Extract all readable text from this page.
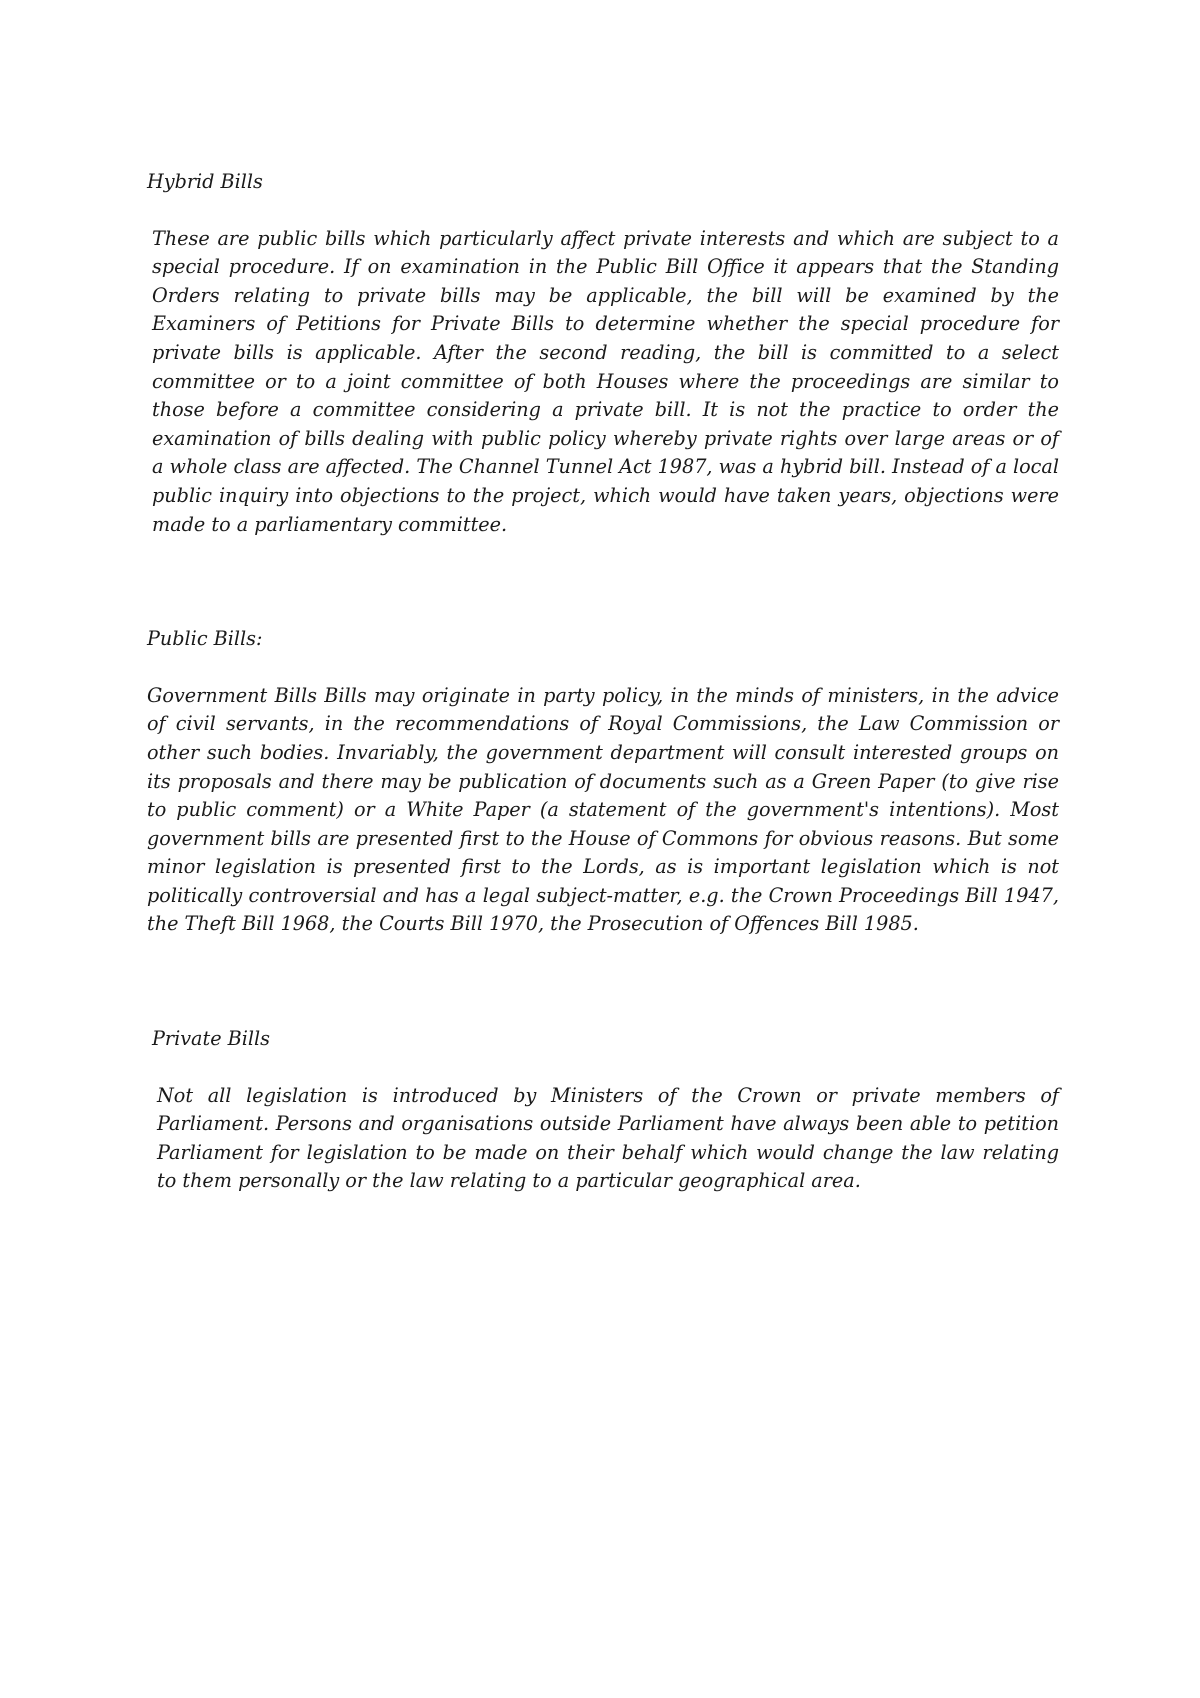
Hybrid Bills

These are public bills which particularly affect private interests and which are subject to a special procedure. If on examination in the Public Bill Office it appears that the Standing Orders relating to private bills may be applicable, the bill will be examined by the Examiners of Petitions for Private Bills to determine whether the special procedure for private bills is applicable. After the second reading, the bill is committed to a select committee or to a joint committee of both Houses where the proceedings are similar to those before a committee considering a private bill. It is not the practice to order the examination of bills dealing with public policy whereby private rights over large areas or of a whole class are affected. The Channel Tunnel Act 1987, was a hybrid bill. Instead of a local public inquiry into objections to the project, which would have taken years, objections were made to a parliamentary committee.

Public Bills:

Government Bills Bills may originate in party policy, in the minds of ministers, in the advice of civil servants, in the recommendations of Royal Commissions, the Law Commission or other such bodies. Invariably, the government department will consult interested groups on its proposals and there may be publication of documents such as a Green Paper (to give rise to public comment) or a White Paper (a statement of the government's intentions). Most government bills are presented first to the House of Commons for obvious reasons. But some minor legislation is presented first to the Lords, as is important legislation which is not politically controversial and has a legal subject-matter, e.g. the Crown Proceedings Bill 1947, the Theft Bill 1968, the Courts Bill 1970, the Prosecution of Offences Bill 1985.

Private Bills

Not all legislation is introduced by Ministers of the Crown or private members of Parliament. Persons and organisations outside Parliament have always been able to petition Parliament for legislation to be made on their behalf which would change the law relating to them personally or the law relating to a particular geographical area.
